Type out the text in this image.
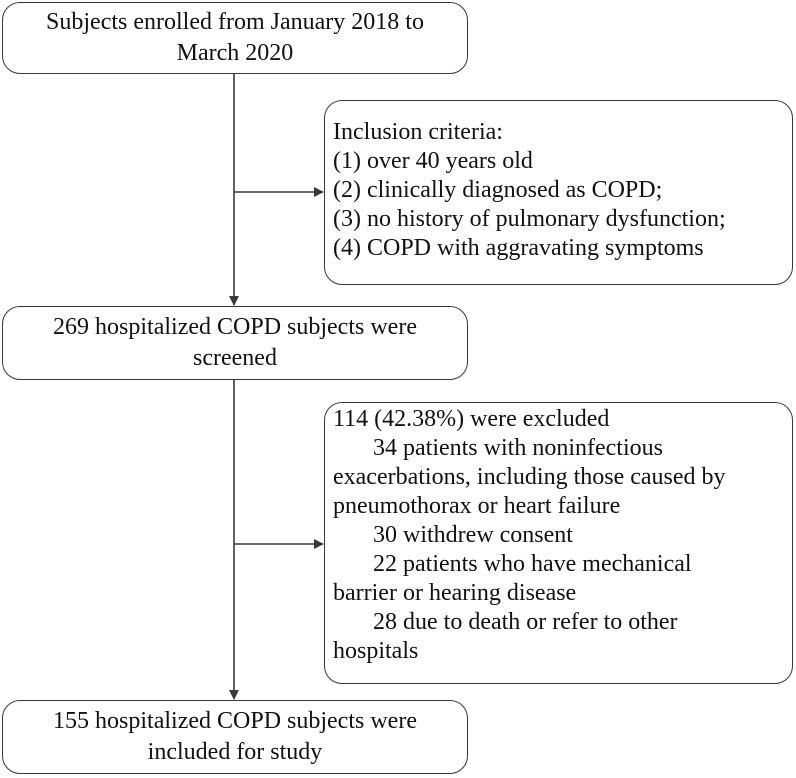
Subjects enrolled from January 2018 to
March 2020
Inclusion criteria:
(1) over 40 years old
(2) clinically diagnosed as COPD;
(3) no history of pulmonary dysfunction;
(4) COPD with aggravating symptoms
269 hospitalized COPD subjects were
screened
114 (42.38%) were excluded
34 patients with noninfectious
exacerbations, including those caused by
pneumothorax or heart failure
30 withdrew consent
22 patients who have mechanical
barrier or hearing disease
28 due to death or refer to other
hospitals
155 hospitalized COPD subjects were
included for study
